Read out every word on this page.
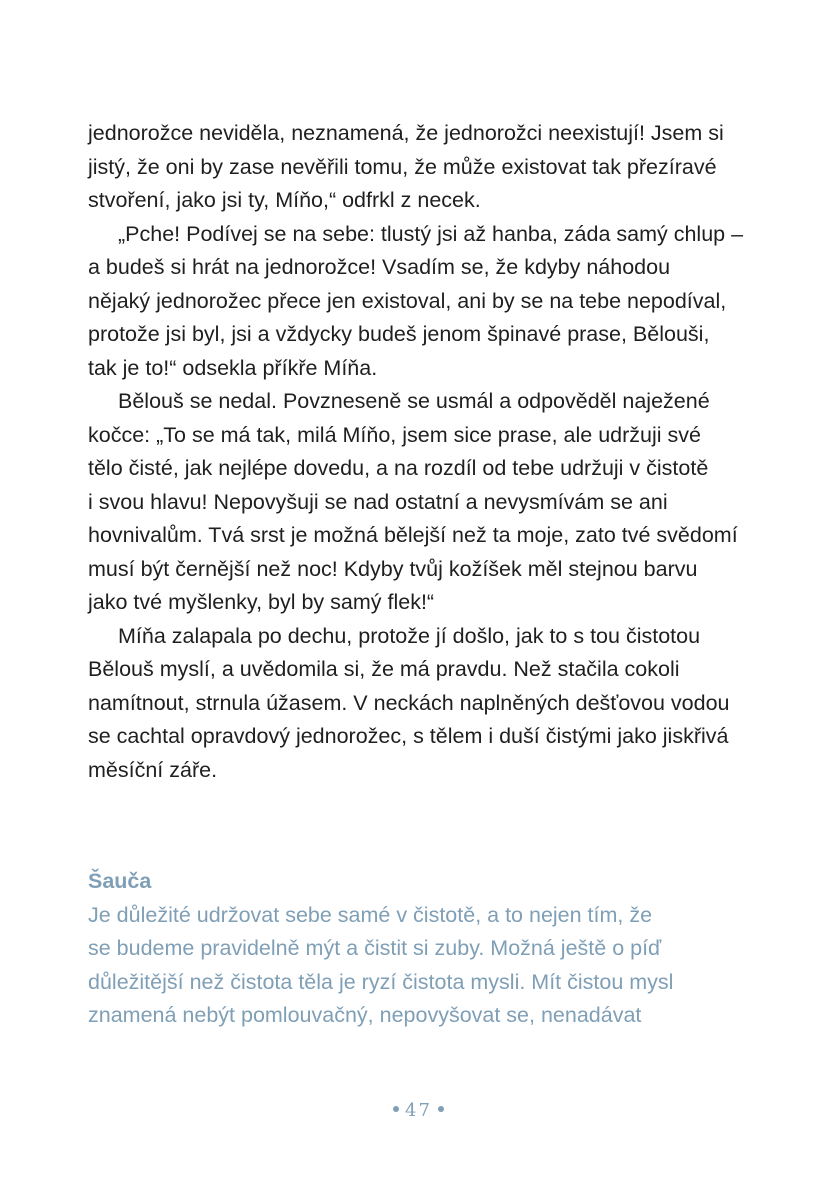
jednorožce neviděla, neznamená, že jednorožci neexistují! Jsem si
jistý, že oni by zase nevěřili tomu, že může existovat tak přezíravé
stvoření, jako jsi ty, Míňo,“ odfrkl z necek.

„Pche! Podívej se na sebe: tlustý jsi až hanba, záda samý chlup –
a budeš si hrát na jednorožce! Vsadím se, že kdyby náhodou
nějaký jednorožec přece jen existoval, ani by se na tebe nepodíval,
protože jsi byl, jsi a vždycky budeš jenom špinavé prase, Bělouši,
tak je to!“ odsekla příkře Míňa.

Bělouš se nedal. Povzneseně se usmál a odpověděl naježené
kočce: „To se má tak, milá Míňo, jsem sice prase, ale udržuji své
tělo čisté, jak nejlépe dovedu, a na rozdíl od tebe udržuji v čistotě
i svou hlavu! Nepovyšuji se nad ostatní a nevysmívám se ani
hovnivalům. Tvá srst je možná bělejší než ta moje, zato tvé svědomí
musí být černější než noc! Kdyby tvůj kožíšek měl stejnou barvu
jako tvé myšlenky, byl by samý flek!“

Míňa zalapala po dechu, protože jí došlo, jak to s tou čistotou
Bělouš myslí, a uvědomila si, že má pravdu. Než stačila cokoli
namítnout, strnula úžasem. V neckách naplněných dešťovou vodou
se cachtal opravdový jednorožec, s tělem i duší čistými jako jiskřivá
měsíční záře.

Šauča

Je důležité udržovat sebe samé v čistotě, a to nejen tím, že
se budeme pravidelně mýt a čistit si zuby. Možná ještě o píď
důležitější než čistota těla je ryzí čistota mysli. Mít čistou mysl
znamená nebýt pomlouvačný, nepovyšovat se, nenadávat

47
